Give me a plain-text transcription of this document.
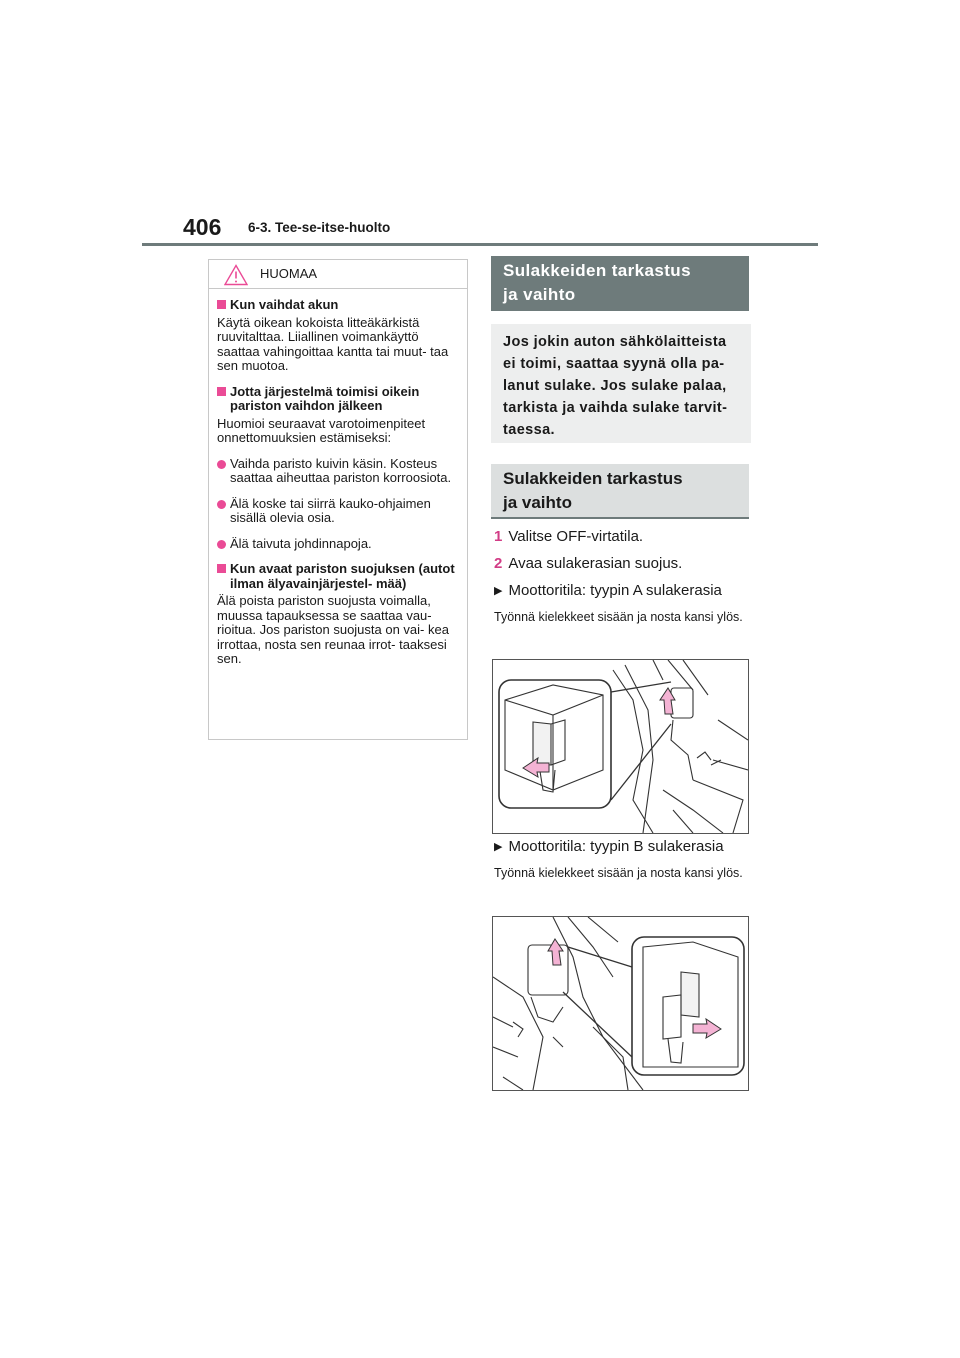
406 6-3. Tee-se-itse-huolto
HUOMAA
Kun vaihdat akun
Käytä oikean kokoista litteäkärkistä ruuvitalttaa. Liiallinen voimankäyttö saattaa vahingoittaa kantta tai muut- taa sen muotoa.
Jotta järjestelmä toimisi oikein pariston vaihdon jälkeen
Huomioi seuraavat varotoimenpiteet onnettomuuksien estämiseksi:
Vaihda paristo kuivin käsin. Kosteus saattaa aiheuttaa pariston korroosiota.
Älä koske tai siirrä kauko-ohjaimen sisällä olevia osia.
Älä taivuta johdinnapoja.
Kun avaat pariston suojuksen (autot ilman älyavainjärjestel- mää)
Älä poista pariston suojusta voimalla, muussa tapauksessa se saattaa vau- rioitua. Jos pariston suojusta on vai- kea irrottaa, nosta sen reunaa irrot- taaksesi sen.
Sulakkeiden tarkastus
ja vaihto
Jos jokin auton sähkölaitteista ei toimi, saattaa syynä olla pa- lanut sulake. Jos sulake palaa, tarkista ja vaihda sulake tarvit- taessa.
Sulakkeiden tarkastus
ja vaihto
1 Valitse OFF-virtatila.
2 Avaa sulakerasian suojus.
▶ Moottoritila: tyypin A sulakerasia
Työnnä kielekkeet sisään ja nosta kansi ylös.
▶ Moottoritila: tyypin B sulakerasia
Työnnä kielekkeet sisään ja nosta kansi ylös.
